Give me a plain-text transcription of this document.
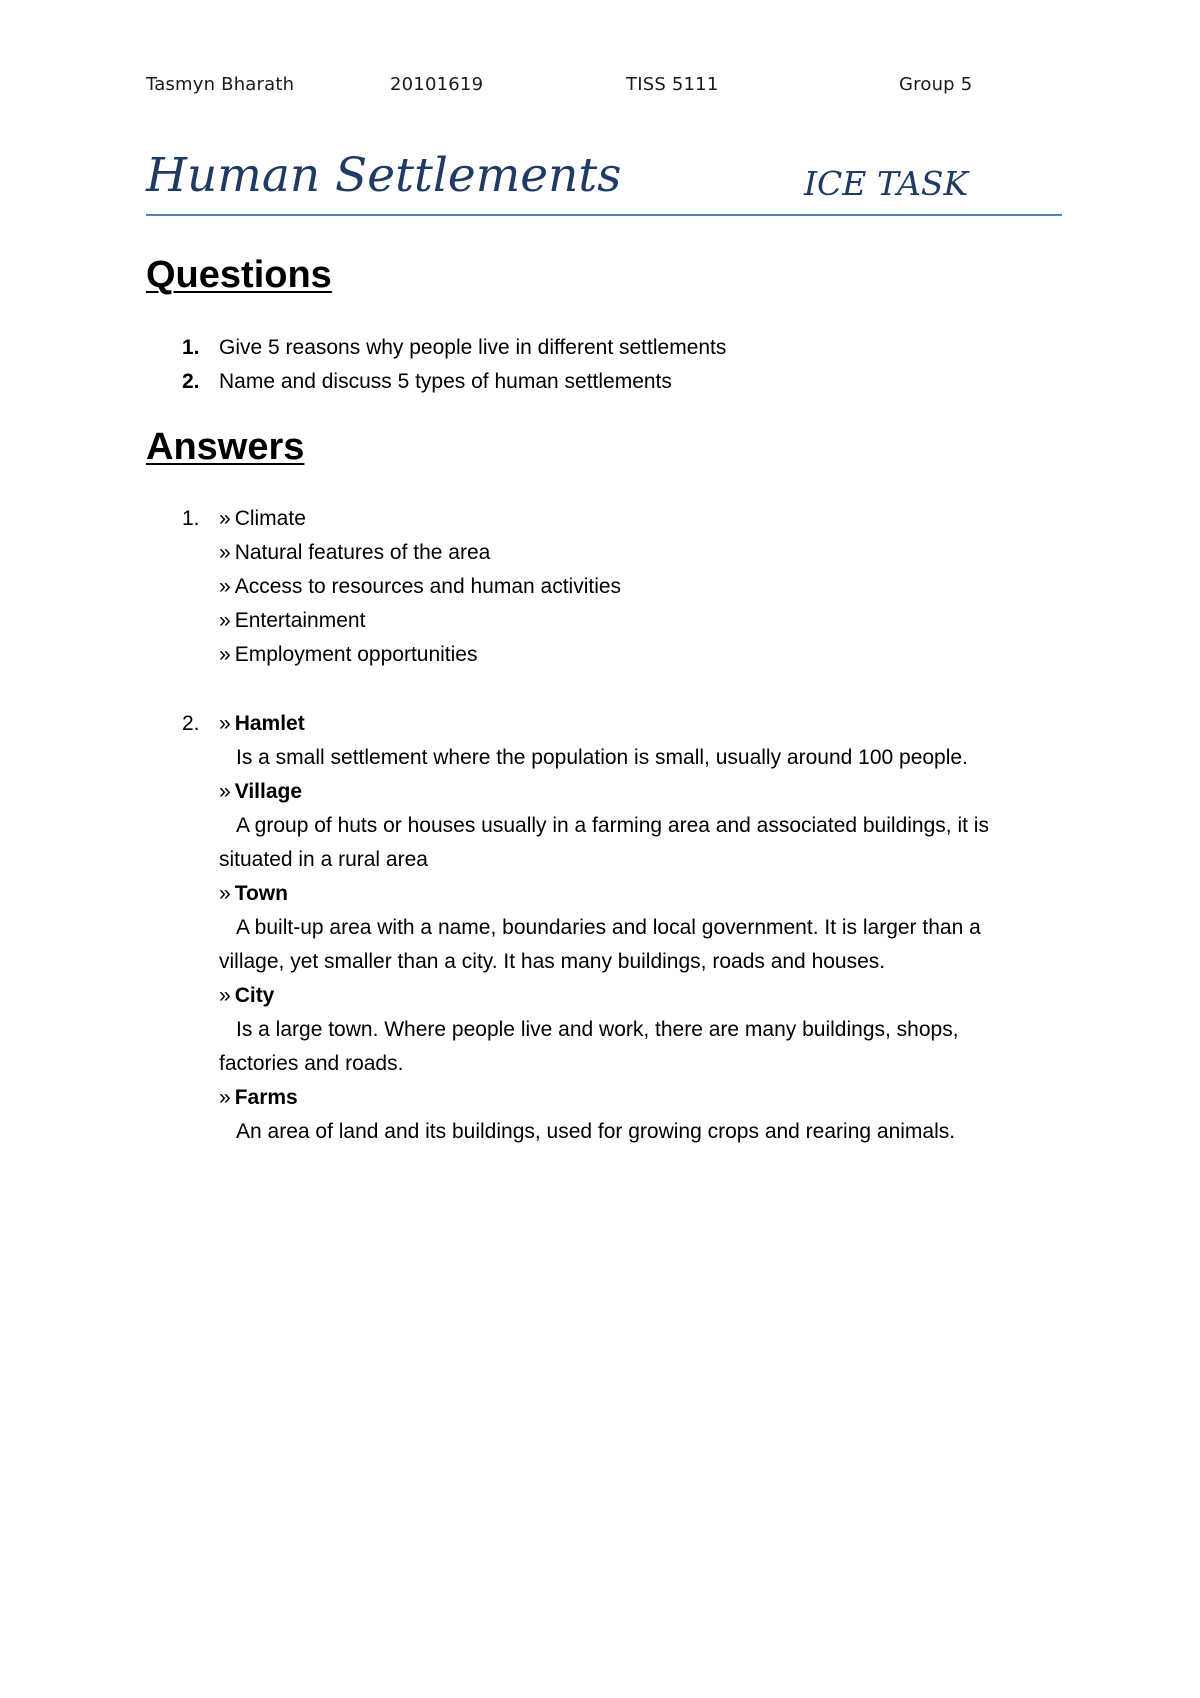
Tasmyn Bharath	20101619	TISS 5111	Group 5
Human Settlements	ICE TASK
Questions
1. Give 5 reasons why people live in different settlements
2. Name and discuss 5 types of human settlements
Answers
1. » Climate
» Natural features of the area
» Access to resources and human activities
» Entertainment
» Employment opportunities
2. » Hamlet
Is a small settlement where the population is small, usually around 100 people.
» Village
A group of huts or houses usually in a farming area and associated buildings, it is
situated in a rural area
» Town
A built-up area with a name, boundaries and local government. It is larger than a
village, yet smaller than a city. It has many buildings, roads and houses.
» City
Is a large town. Where people live and work, there are many buildings, shops,
factories and roads.
» Farms
An area of land and its buildings, used for growing crops and rearing animals.
